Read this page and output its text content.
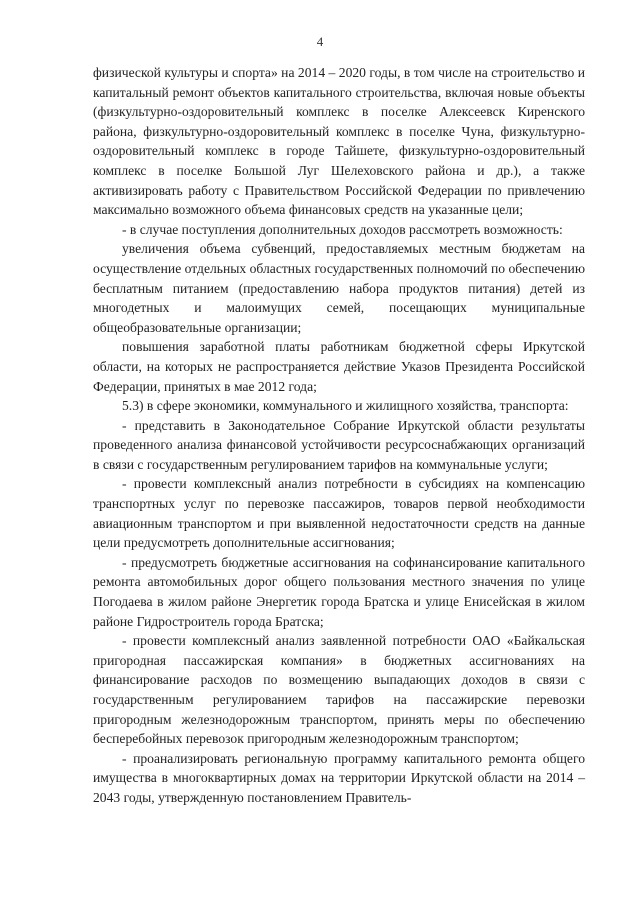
4

физической культуры и спорта» на 2014 – 2020 годы, в том числе на строительство и капитальный ремонт объектов капитального строительства, включая новые объекты (физкультурно-оздоровительный комплекс в поселке Алексеевск Киренского района, физкультурно-оздоровительный комплекс в поселке Чуна, физкультурно-оздоровительный комплекс в городе Тайшете, физкультурно-оздоровительный комплекс в поселке Большой Луг Шелеховского района и др.), а также активизировать работу с Правительством Российской Федерации по привлечению максимально возможного объема финансовых средств на указанные цели;

- в случае поступления дополнительных доходов рассмотреть возможность:

увеличения объема субвенций, предоставляемых местным бюджетам на осуществление отдельных областных государственных полномочий по обеспечению бесплатным питанием (предоставлению набора продуктов питания) детей из многодетных и малоимущих семей, посещающих муниципальные общеобразовательные организации;

повышения заработной платы работникам бюджетной сферы Иркутской области, на которых не распространяется действие Указов Президента Российской Федерации, принятых в мае 2012 года;

5.3) в сфере экономики, коммунального и жилищного хозяйства, транспорта:

- представить в Законодательное Собрание Иркутской области результаты проведенного анализа финансовой устойчивости ресурсоснабжающих организаций в связи с государственным регулированием тарифов на коммунальные услуги;

- провести комплексный анализ потребности в субсидиях на компенсацию транспортных услуг по перевозке пассажиров, товаров первой необходимости авиационным транспортом и при выявленной недостаточности средств на данные цели предусмотреть дополнительные ассигнования;

- предусмотреть бюджетные ассигнования на софинансирование капитального ремонта автомобильных дорог общего пользования местного значения по улице Погодаева в жилом районе Энергетик города Братска и улице Енисейская в жилом районе Гидростроитель города Братска;

- провести комплексный анализ заявленной потребности ОАО «Байкальская пригородная пассажирская компания» в бюджетных ассигнованиях на финансирование расходов по возмещению выпадающих доходов в связи с государственным регулированием тарифов на пассажирские перевозки пригородным железнодорожным транспортом, принять меры по обеспечению бесперебойных перевозок пригородным железнодорожным транспортом;

- проанализировать региональную программу капитального ремонта общего имущества в многоквартирных домах на территории Иркутской области на 2014 – 2043 годы, утвержденную постановлением Правитель-
